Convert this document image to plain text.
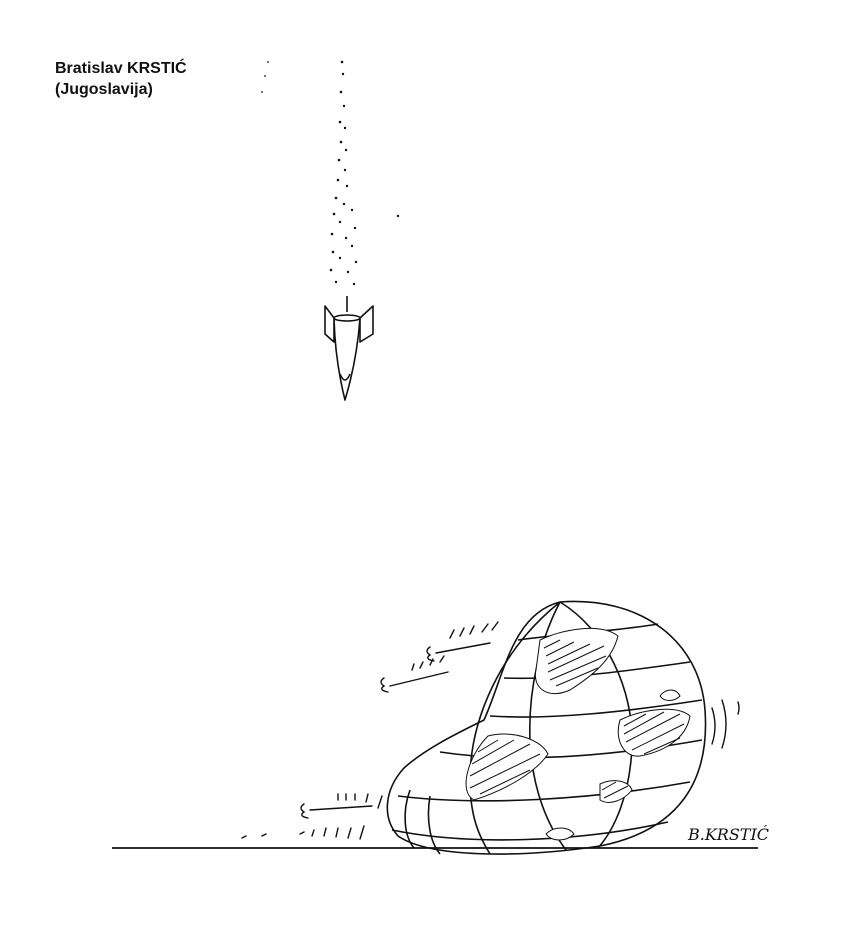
Bratislav KRSTIĆ
(Jugoslavija)
B.KRSTIĆ
